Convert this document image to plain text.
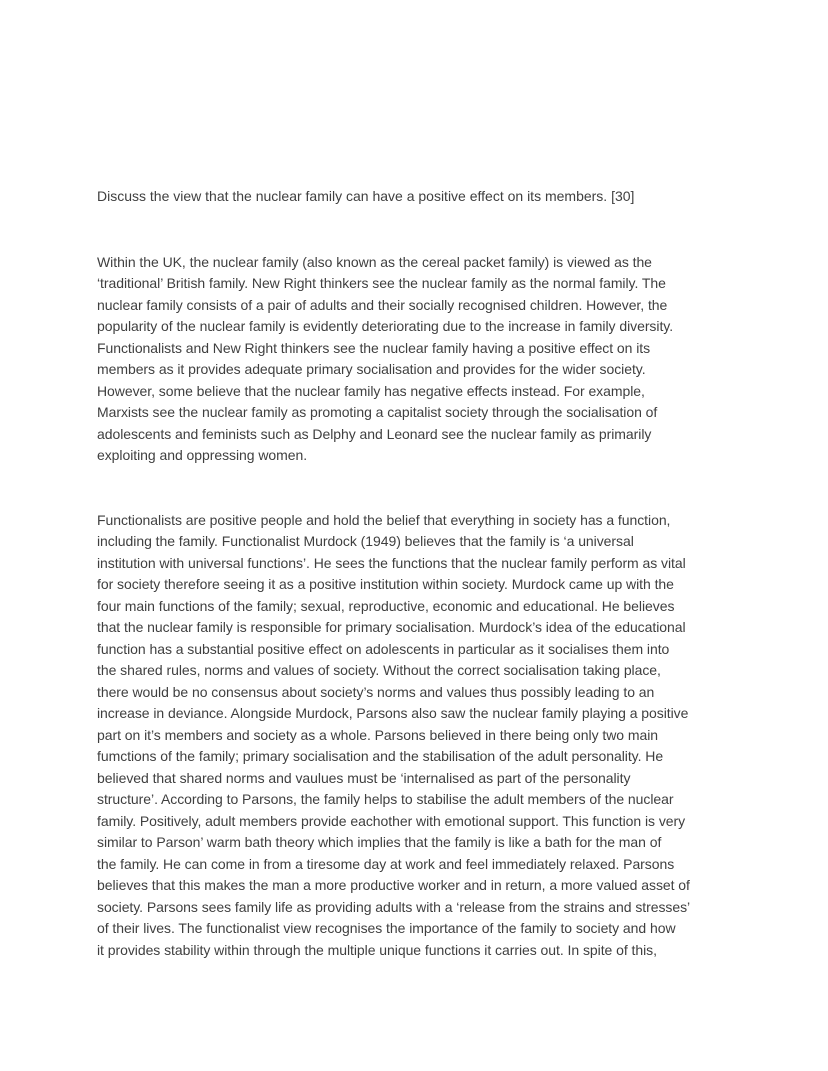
Discuss the view that the nuclear family can have a positive effect on its members. [30]
Within the UK, the nuclear family (also known as the cereal packet family) is viewed as the
‘traditional’ British family. New Right thinkers see the nuclear family as the normal family. The
nuclear family consists of a pair of adults and their socially recognised children. However, the
popularity of the nuclear family is evidently deteriorating due to the increase in family diversity.
Functionalists and New Right thinkers see the nuclear family having a positive effect on its
members as it provides adequate primary socialisation and provides for the wider society.
However, some believe that the nuclear family has negative effects instead. For example,
Marxists see the nuclear family as promoting a capitalist society through the socialisation of
adolescents and feminists such as Delphy and Leonard see the nuclear family as primarily
exploiting and oppressing women.
Functionalists are positive people and hold the belief that everything in society has a function,
including the family. Functionalist Murdock (1949) believes that the family is ‘a universal
institution with universal functions’. He sees the functions that the nuclear family perform as vital
for society therefore seeing it as a positive institution within society. Murdock came up with the
four main functions of the family; sexual, reproductive, economic and educational. He believes
that the nuclear family is responsible for primary socialisation. Murdock’s idea of the educational
function has a substantial positive effect on adolescents in particular as it socialises them into
the shared rules, norms and values of society. Without the correct socialisation taking place,
there would be no consensus about society’s norms and values thus possibly leading to an
increase in deviance. Alongside Murdock, Parsons also saw the nuclear family playing a positive
part on it’s members and society as a whole. Parsons believed in there being only two main
fumctions of the family; primary socialisation and the stabilisation of the adult personality. He
believed that shared norms and vaulues must be ‘internalised as part of the personality
structure’. According to Parsons, the family helps to stabilise the adult members of the nuclear
family. Positively, adult members provide eachother with emotional support. This function is very
similar to Parson’ warm bath theory which implies that the family is like a bath for the man of
the family. He can come in from a tiresome day at work and feel immediately relaxed. Parsons
believes that this makes the man a more productive worker and in return, a more valued asset of
society. Parsons sees family life as providing adults with a ‘release from the strains and stresses’
of their lives. The functionalist view recognises the importance of the family to society and how
it provides stability within through the multiple unique functions it carries out. In spite of this,
